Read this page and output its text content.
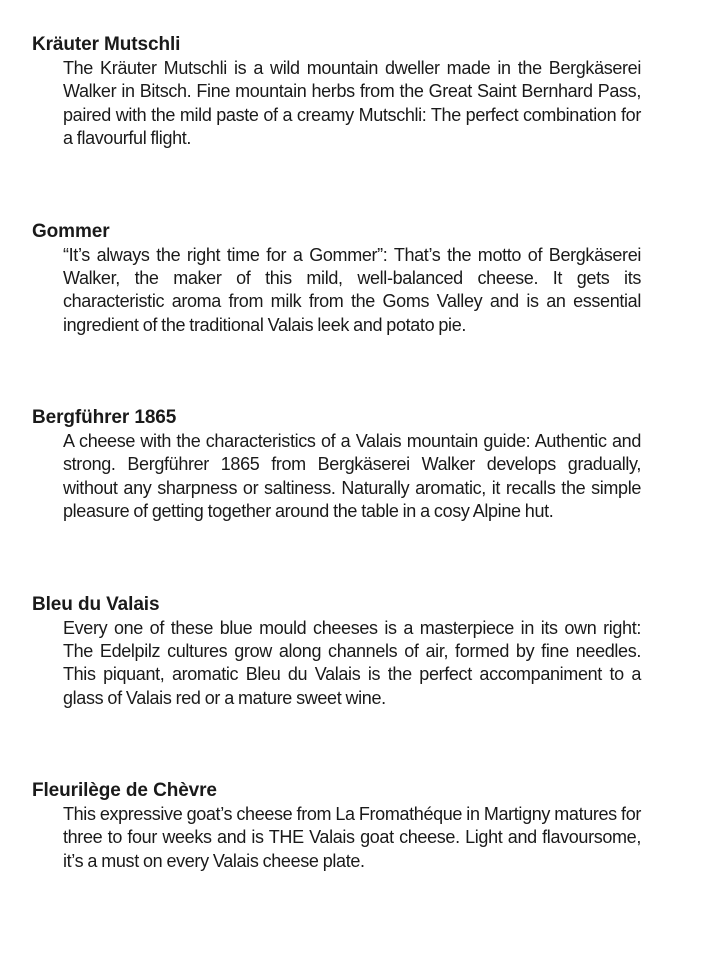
Kräuter Mutschli

The Kräuter Mutschli is a wild mountain dweller made in the Bergkäserei Walker in Bitsch. Fine mountain herbs from the Great Saint Bernhard Pass, paired with the mild paste of a creamy Mutschli: The perfect combination for a flavourful flight.

Gommer

“It’s always the right time for a Gommer”: That’s the motto of Bergkäserei Walker, the maker of this mild, well-balanced cheese. It gets its characteristic aroma from milk from the Goms Valley and is an essential ingredient of the traditional Valais leek and potato pie.

Bergführer 1865

A cheese with the characteristics of a Valais mountain guide: Authentic and strong. Bergführer 1865 from Bergkäserei Walker develops gradually, without any sharpness or saltiness. Naturally aromatic, it recalls the simple pleasure of getting together around the table in a cosy Alpine hut.

Bleu du Valais

Every one of these blue mould cheeses is a masterpiece in its own right: The Edelpilz cultures grow along channels of air, formed by fine needles. This piquant, aromatic Bleu du Valais is the perfect accompaniment to a glass of Valais red or a mature sweet wine.

Fleurilège de Chèvre

This expressive goat’s cheese from La Fromathéque in Martigny matures for three to four weeks and is THE Valais goat cheese. Light and flavoursome, it’s a must on every Valais cheese plate.
